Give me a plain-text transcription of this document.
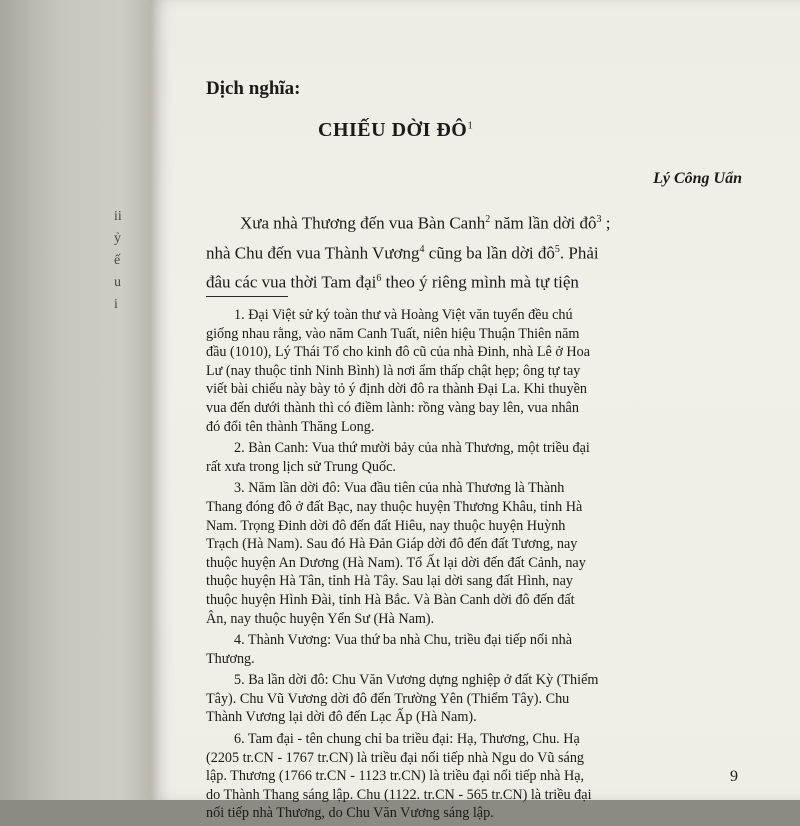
ii
ỷ
ế
u
i
Dịch nghĩa:
CHIẾU DỜI $ĐÔ^1$
Lý Công Uẩn

Xưa nhà Thương đến vua Bàn Canh$^2$ năm lần dời $đô^3$ ;
nhà Chu đến vua Thành Vương$^4$ cũng ba lần dời $đô^5$. Phải
đâu các vua thời Tam đại$^6$ theo ý riêng mình mà tự tiện

1. Đại Việt sử ký toàn thư và Hoàng Việt văn tuyển đều chú
giống nhau rằng, vào năm Canh Tuất, niên hiệu Thuận Thiên năm
đầu (1010), Lý Thái Tổ cho kinh đô cũ của nhà Đinh, nhà Lê ở Hoa
Lư (nay thuộc tỉnh Ninh Bình) là nơi ẩm thấp chật hẹp; ông tự tay
viết bài chiếu này bày tỏ ý định dời đô ra thành Đại La. Khi thuyền
vua đến dưới thành thì có điềm lành: rồng vàng bay lên, vua nhân
đó đổi tên thành Thăng Long.
2. Bàn Canh: Vua thứ mười bảy của nhà Thương, một triều đại
rất xưa trong lịch sử Trung Quốc.
3. Năm lần dời đô: Vua đầu tiên của nhà Thương là Thành
Thang đóng đô ở đất Bạc, nay thuộc huyện Thương Khâu, tỉnh Hà
Nam. Trọng Đinh dời đô đến đất Hiêu, nay thuộc huyện Huỳnh
Trạch (Hà Nam). Sau đó Hà Đản Giáp dời đô đến đất Tương, nay
thuộc huyện An Dương (Hà Nam). Tổ Ất lại dời đến đất Cảnh, nay
thuộc huyện Hà Tân, tỉnh Hà Tây. Sau lại dời sang đất Hình, nay
thuộc huyện Hình Đài, tỉnh Hà Bắc. Và Bàn Canh dời đô đến đất
Ân, nay thuộc huyện Yển Sư (Hà Nam).
4. Thành Vương: Vua thứ ba nhà Chu, triều đại tiếp nối nhà
Thương.
5. Ba lần dời đô: Chu Văn Vương dựng nghiệp ở đất Kỳ (Thiểm
Tây). Chu Vũ Vương dời đô đến Trường Yên (Thiểm Tây). Chu
Thành Vương lại dời đô đến Lạc Ấp (Hà Nam).
6. Tam đại - tên chung chỉ ba triều đại: Hạ, Thương, Chu. Hạ
(2205 tr.CN - 1767 tr.CN) là triều đại nối tiếp nhà Ngu do Vũ sáng
lập. Thương (1766 tr.CN - 1123 tr.CN) là triều đại nối tiếp nhà Hạ,
do Thành Thang sáng lập. Chu (1122. tr.CN - 565 tr.CN) là triều đại
nối tiếp nhà Thương, do Chu Văn Vương sáng lập.
9
